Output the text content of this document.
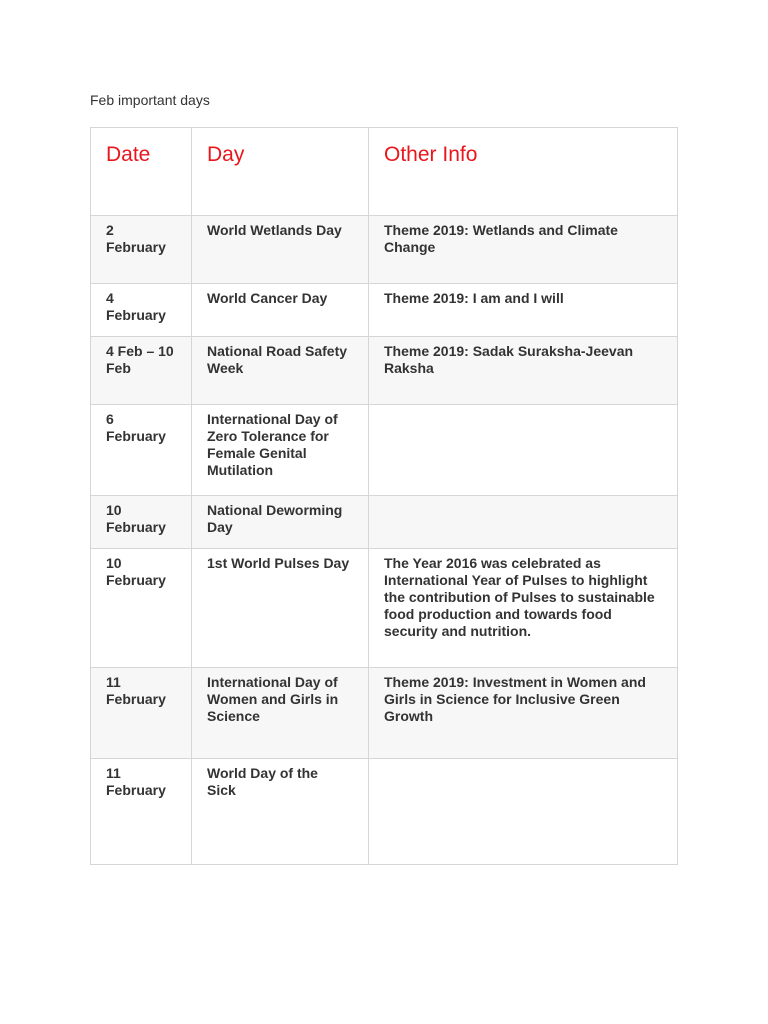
Feb important days
Date	Day	Other Info

2 February	World Wetlands Day	Theme 2019: Wetlands and Climate Change

4 February	World Cancer Day	Theme 2019: I am and I will

4 Feb – 10 Feb	National Road Safety Week	Theme 2019: Sadak Suraksha-Jeevan Raksha

6 February	International Day of Zero Tolerance for Female Genital Mutilation	

10 February	National Deworming Day	

10 February	1st World Pulses Day	The Year 2016 was celebrated as International Year of Pulses to highlight the contribution of Pulses to sustainable food production and towards food security and nutrition.

11 February	International Day of Women and Girls in Science	Theme 2019: Investment in Women and Girls in Science for Inclusive Green Growth

11 February	World Day of the Sick	
